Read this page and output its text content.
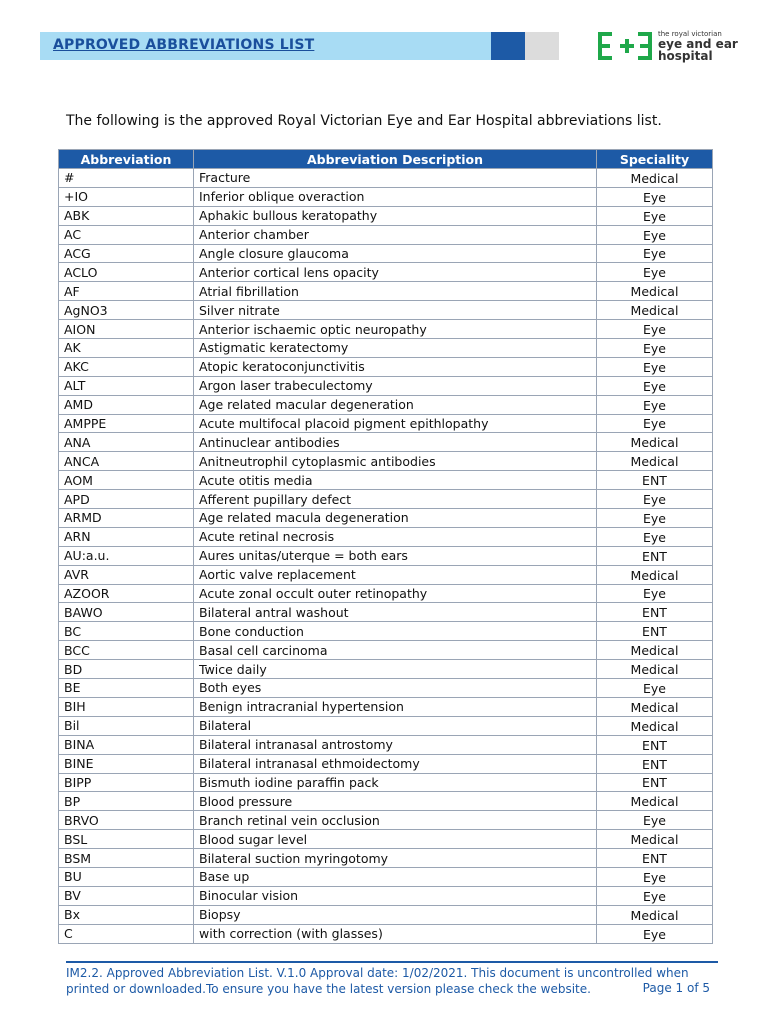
APPROVED ABBREVIATIONS LIST
the royal victorian
eye and ear
hospital
The following is the approved Royal Victorian Eye and Ear Hospital abbreviations list.
Abbreviation	Abbreviation Description	Speciality
#	Fracture	Medical
+IO	Inferior oblique overaction	Eye
ABK	Aphakic bullous keratopathy	Eye
AC	Anterior chamber	Eye
ACG	Angle closure glaucoma	Eye
ACLO	Anterior cortical lens opacity	Eye
AF	Atrial fibrillation	Medical
AgNO3	Silver nitrate	Medical
AION	Anterior ischaemic optic neuropathy	Eye
AK	Astigmatic keratectomy	Eye
AKC	Atopic keratoconjunctivitis	Eye
ALT	Argon laser trabeculectomy	Eye
AMD	Age related macular degeneration	Eye
AMPPE	Acute multifocal placoid pigment epithlopathy	Eye
ANA	Antinuclear antibodies	Medical
ANCA	Anitneutrophil cytoplasmic antibodies	Medical
AOM	Acute otitis media	ENT
APD	Afferent pupillary defect	Eye
ARMD	Age related macula degeneration	Eye
ARN	Acute retinal necrosis	Eye
AU:a.u.	Aures unitas/uterque = both ears	ENT
AVR	Aortic valve replacement	Medical
AZOOR	Acute zonal occult outer retinopathy	Eye
BAWO	Bilateral antral washout	ENT
BC	Bone conduction	ENT
BCC	Basal cell carcinoma	Medical
BD	Twice daily	Medical
BE	Both eyes	Eye
BIH	Benign intracranial hypertension	Medical
Bil	Bilateral	Medical
BINA	Bilateral intranasal antrostomy	ENT
BINE	Bilateral intranasal ethmoidectomy	ENT
BIPP	Bismuth iodine paraffin pack	ENT
BP	Blood pressure	Medical
BRVO	Branch retinal vein occlusion	Eye
BSL	Blood sugar level	Medical
BSM	Bilateral suction myringotomy	ENT
BU	Base up	Eye
BV	Binocular vision	Eye
Bx	Biopsy	Medical
C	with correction (with glasses)	Eye
IM2.2. Approved Abbreviation List. V.1.0 Approval date: 1/02/2021. This document is uncontrolled when printed or downloaded.To ensure you have the latest version please check the website.	Page 1 of 5
